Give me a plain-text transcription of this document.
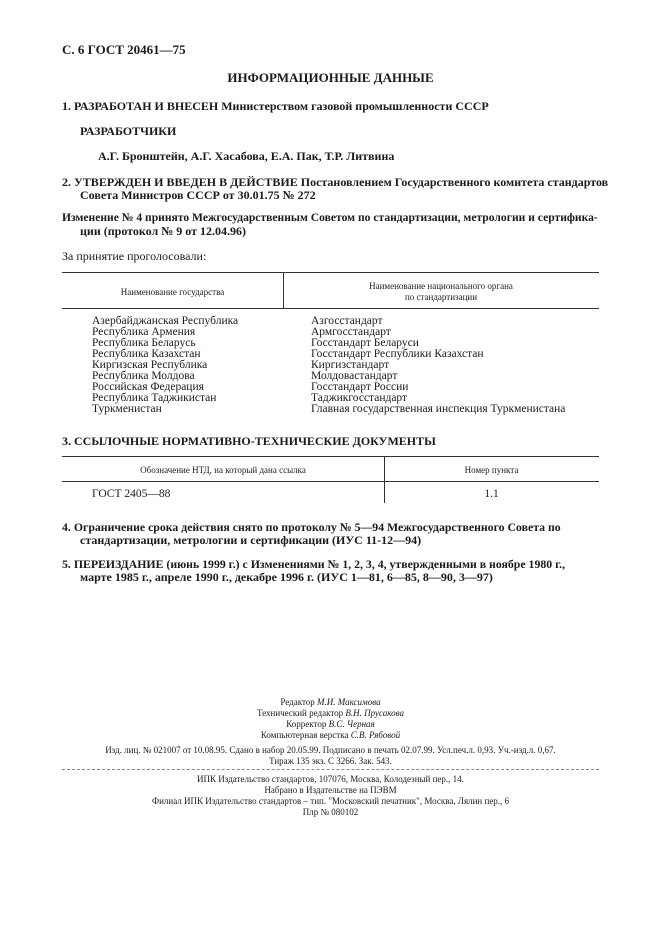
С. 6 ГОСТ 20461—75
ИНФОРМАЦИОННЫЕ ДАННЫЕ
1. РАЗРАБОТАН И ВНЕСЕН Министерством газовой промышленности СССР
РАЗРАБОТЧИКИ
А.Г. Бронштейн, А.Г. Хасабова, Е.А. Пак, Т.Р. Литвина
2. УТВЕРЖДЕН И ВВЕДЕН В ДЕЙСТВИЕ Постановлением Государственного комитета стандартов
Совета Министров СССР от 30.01.75 № 272
Изменение № 4 принято Межгосударственным Советом по стандартизации, метрологии и сертифика-
ции (протокол № 9 от 12.04.96)
За принятие проголосовали:
Наименование государства
Наименование национального органа
по стандартизации
Азербайджанская Республика
Республика Армения
Республика Беларусь
Республика Казахстан
Киргизская Республика
Республика Молдова
Российская Федерация
Республика Таджикистан
Туркменистан
Азгосстандарт
Армгосстандарт
Госстандарт Беларуси
Госстандарт Республики Казахстан
Киргизстандарт
Молдовастандарт
Госстандарт России
Таджикгосстандарт
Главная государственная инспекция Туркменистана
3. ССЫЛОЧНЫЕ НОРМАТИВНО-ТЕХНИЧЕСКИЕ ДОКУМЕНТЫ
Обозначение НТД, на который дана ссылка	Номер пункта
ГОСТ 2405—88	1.1
4. Ограничение срока действия снято по протоколу № 5—94 Межгосударственного Совета по
стандартизации, метрологии и сертификации (ИУС 11-12—94)
5. ПЕРЕИЗДАНИЕ (июнь 1999 г.) с Изменениями № 1, 2, 3, 4, утвержденными в ноябре 1980 г.,
марте 1985 г., апреле 1990 г., декабре 1996 г. (ИУС 1—81, 6—85, 8—90, 3—97)
Редактор М.И. Максимова
Технический редактор В.Н. Прусакова
Корректор В.С. Черная
Компьютерная верстка С.В. Рябовой
Изд. лиц. № 021007 от 10.08.95. Сдано в набор 20.05.99. Подписано в печать 02.07.99. Усл.печ.л. 0,93. Уч.-изд.л. 0,67.
Тираж 135 экз. С 3266. Зак. 543.
ИПК Издательство стандартов, 107076, Москва, Колодезный пер., 14.
Набрано в Издательстве на ПЭВМ
Филиал ИПК Издательство стандартов – тип. "Московский печатник", Москва, Лялин пер., 6
Плр № 080102
